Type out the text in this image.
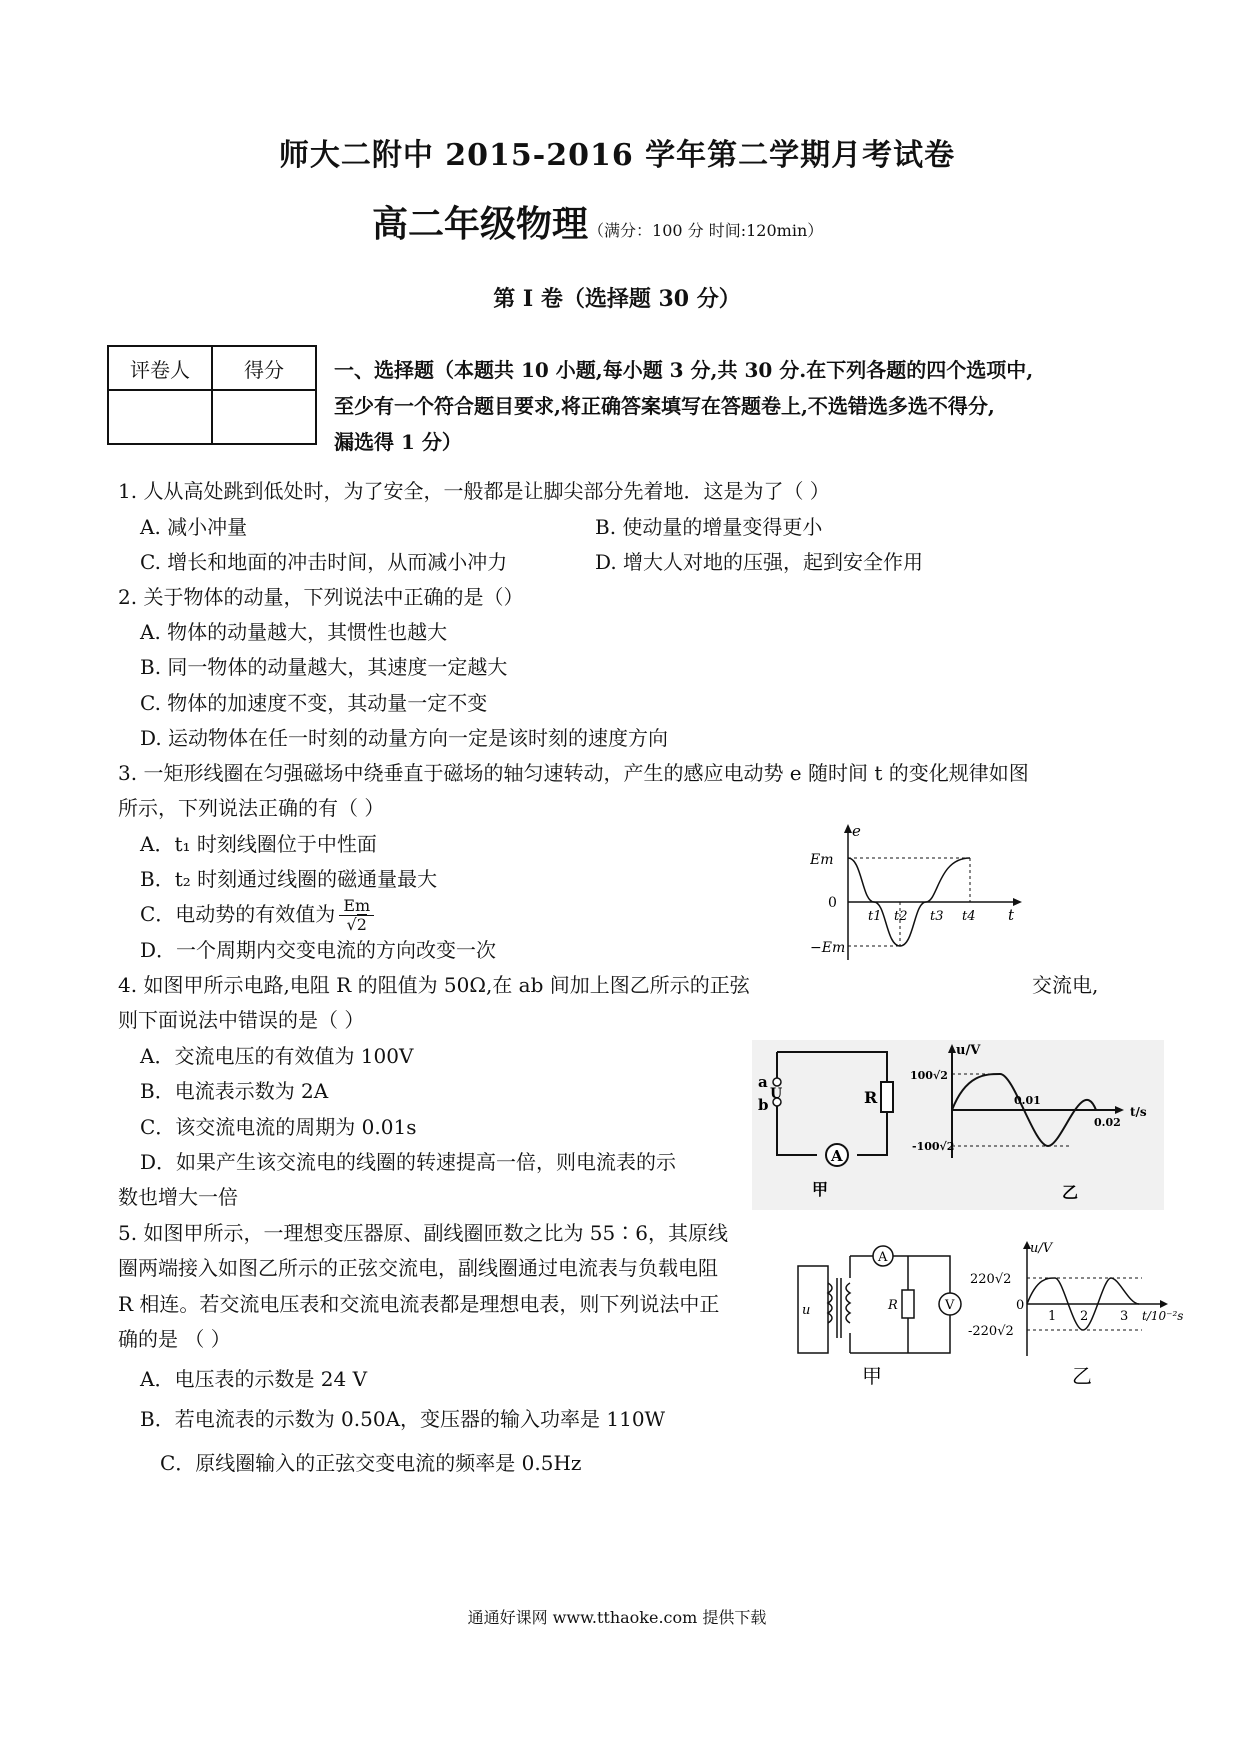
师大二附中 2015-2016 学年第二学期月考试卷
高二年级物理（满分：100 分 时间:120min）
第 I 卷（选择题 30 分）
评卷人	得分
		一、选择题（本题共 10 小题,每小题 3 分,共 30 分.在下列各题的四个选项中,
至少有一个符合题目要求,将正确答案填写在答题卷上,不选错选多选不得分,
漏选得 1 分）
1. 人从高处跳到低处时，为了安全，一般都是让脚尖部分先着地．这是为了（ ）
A. 减小冲量	B. 使动量的增量变得更小
C. 增长和地面的冲击时间，从而减小冲力	D. 增大人对地的压强，起到安全作用
2. 关于物体的动量，下列说法中正确的是（）
A. 物体的动量越大，其惯性也越大
B. 同一物体的动量越大，其速度一定越大
C. 物体的加速度不变，其动量一定不变
D. 运动物体在任一时刻的动量方向一定是该时刻的速度方向
3. 一矩形线圈在匀强磁场中绕垂直于磁场的轴匀速转动，产生的感应电动势 e 随时间 t 的变化规律如图
所示，下列说法正确的有（ ）
A．t₁ 时刻线圈位于中性面
B．t₂ 时刻通过线圈的磁通量最大
C．电动势的有效值为 $\frac{Em}{√2}$
D．一个周期内交变电流的方向改变一次
e
Em
0
−Em
t1 t2 t3 t4 t
4. 如图甲所示电路,电阻 R 的阻值为 50Ω,在 ab 间加上图乙所示的正弦	交流电,
则下面说法中错误的是（ ）
A．交流电压的有效值为 100V
B．电流表示数为 2A
C．该交流电流的周期为 0.01s
D．如果产生该交流电的线圈的转速提高一倍，则电流表的示
数也增大一倍
A
a
b
U	R
甲
u/V
100√2
-100√2
0.01
0.02
t/s
乙
5. 如图甲所示，一理想变压器原、副线圈匝数之比为 55∶6，其原线
圈两端接入如图乙所示的正弦交流电，副线圈通过电流表与负载电阻
R 相连。若交流电压表和交流电流表都是理想电表，则下列说法中正
确的是 （ ）
A．电压表的示数是 24 V
B．若电流表的示数为 0.50A，变压器的输入功率是 110W
C．原线圈输入的正弦交变电流的频率是 0.5Hz
A
V
R
u
甲
u/V
220√2
0
-220√2
1 2 3 t/10⁻²s
乙
通通好课网 www.tthaoke.com 提供下载
